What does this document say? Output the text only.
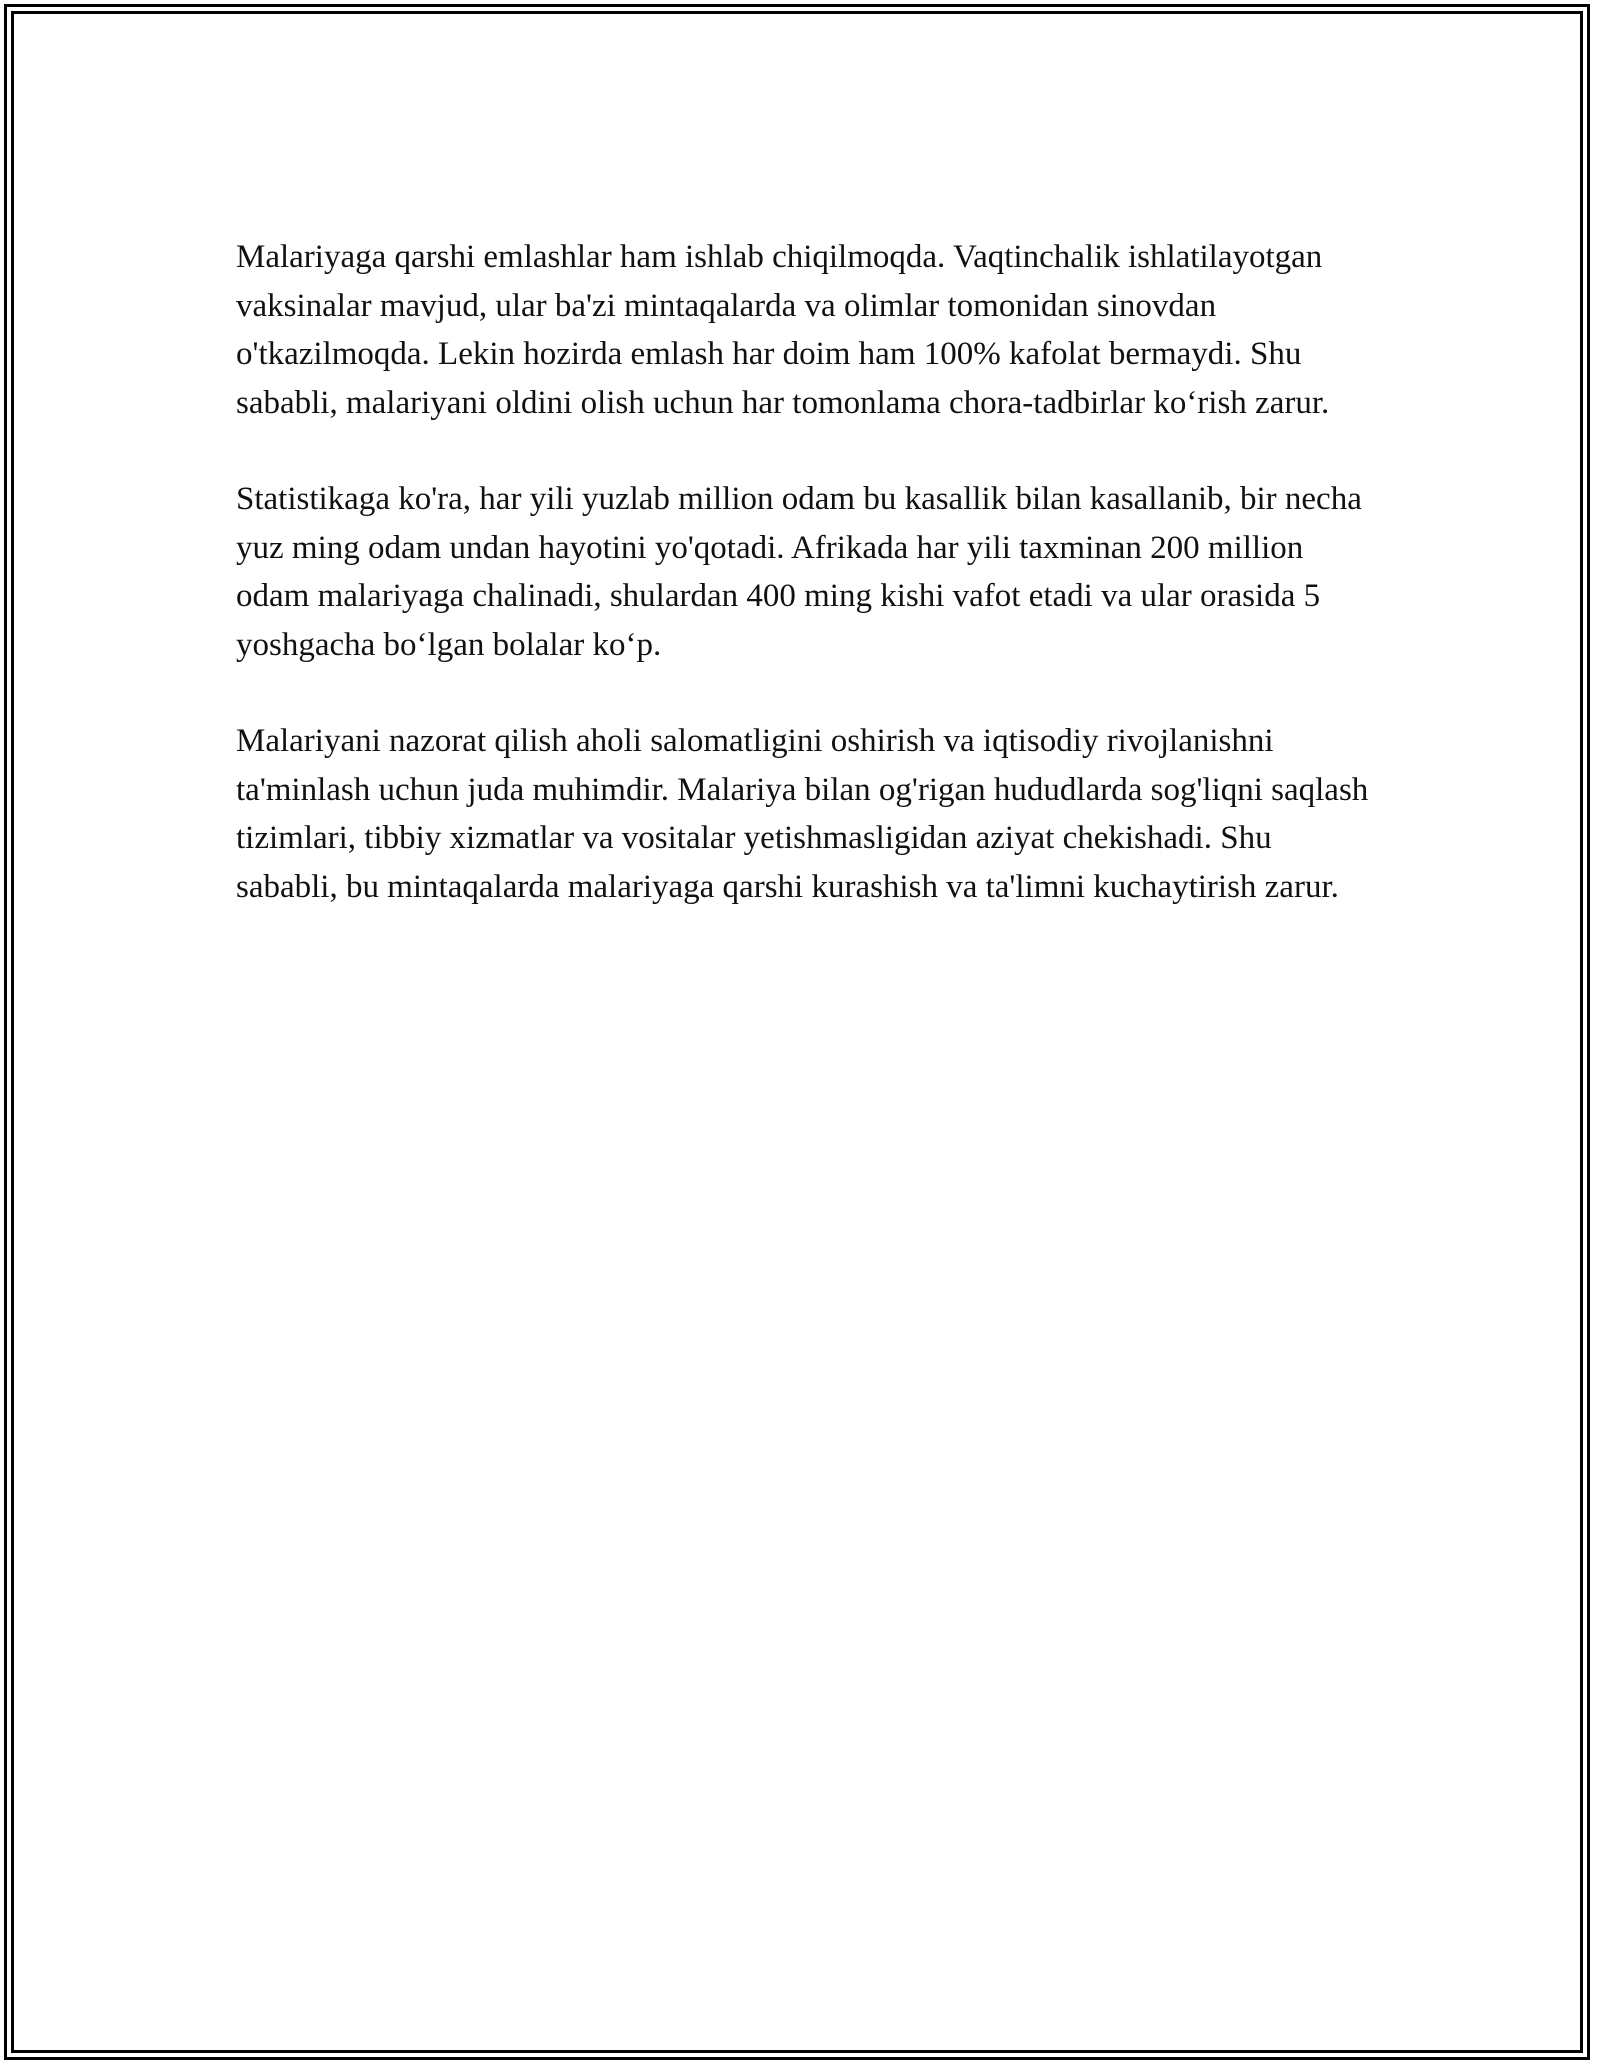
Malariyaga qarshi emlashlar ham ishlab chiqilmoqda. Vaqtinchalik ishlatilayotgan vaksinalar mavjud, ular ba'zi mintaqalarda va olimlar tomonidan sinovdan o'tkazilmoqda. Lekin hozirda emlash har doim ham 100% kafolat bermaydi. Shu sababli, malariyani oldini olish uchun har tomonlama chora-tadbirlar ko‘rish zarur.

Statistikaga ko'ra, har yili yuzlab million odam bu kasallik bilan kasallanib, bir necha yuz ming odam undan hayotini yo'qotadi. Afrikada har yili taxminan 200 million odam malariyaga chalinadi, shulardan 400 ming kishi vafot etadi va ular orasida 5 yoshgacha bo‘lgan bolalar ko‘p.

Malariyani nazorat qilish aholi salomatligini oshirish va iqtisodiy rivojlanishni ta'minlash uchun juda muhimdir. Malariya bilan og'rigan hududlarda sog'liqni saqlash tizimlari, tibbiy xizmatlar va vositalar yetishmasligidan aziyat chekishadi. Shu sababli, bu mintaqalarda malariyaga qarshi kurashish va ta'limni kuchaytirish zarur.
